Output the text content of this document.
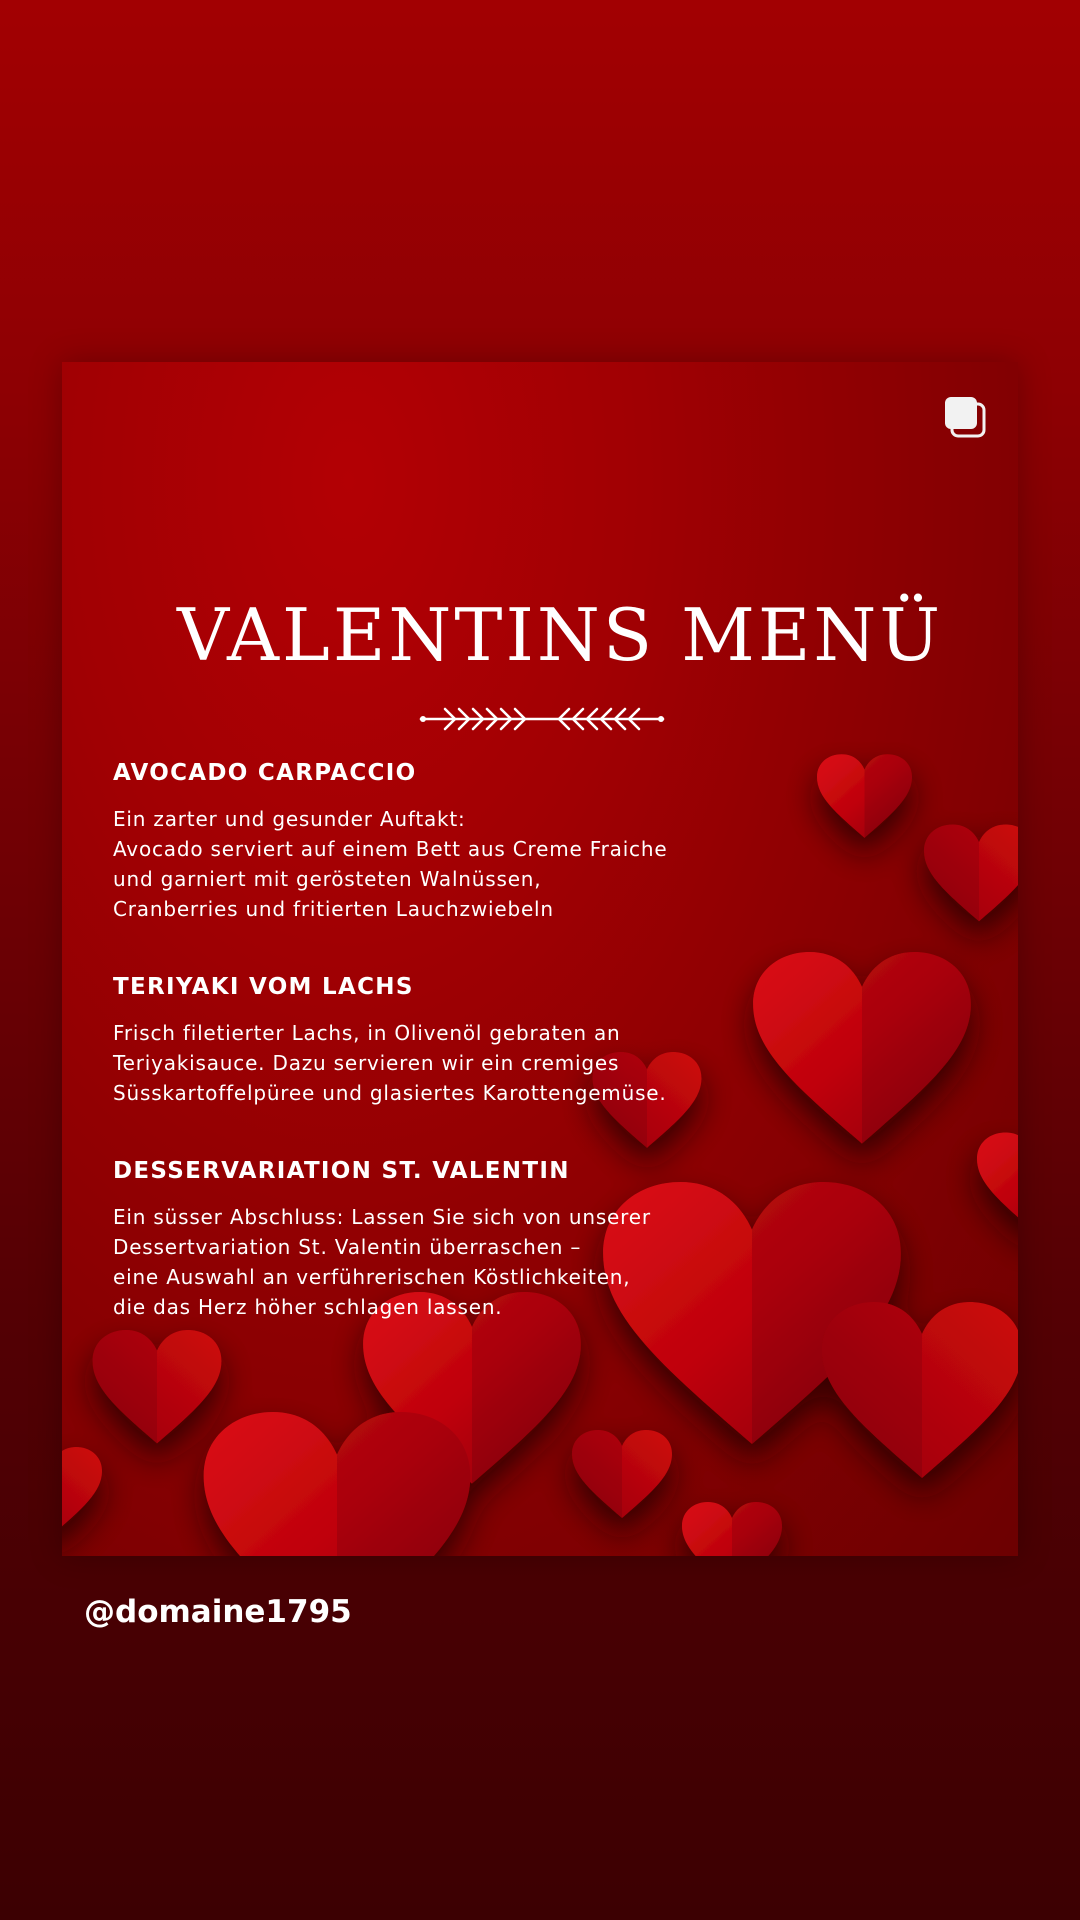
VALENTINS MENÜ
AVOCADO CARPACCIO
Ein zarter und gesunder Auftakt:
Avocado serviert auf einem Bett aus Creme Fraiche
und garniert mit gerösteten Walnüssen,
Cranberries und fritierten Lauchzwiebeln
TERIYAKI VOM LACHS
Frisch filetierter Lachs, in Olivenöl gebraten an
Teriyakisauce. Dazu servieren wir ein cremiges
Süsskartoffelpüree und glasiertes Karottengemüse.
DESSERVARIATION ST. VALENTIN
Ein süsser Abschluss: Lassen Sie sich von unserer
Dessertvariation St. Valentin überraschen –
eine Auswahl an verführerischen Köstlichkeiten,
die das Herz höher schlagen lassen.
@domaine1795
